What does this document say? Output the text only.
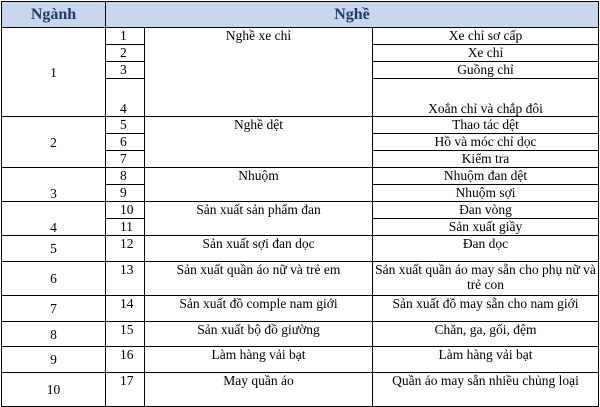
Ngành	Nghề		
1	1	Nghề xe chỉ	Xe chỉ sơ cấp
	2		Xe chỉ
	3		Guồng chỉ
	4		Xoắn chỉ và chắp đôi
2	5	Nghề dệt	Thao tác dệt
	6		Hồ và móc chỉ dọc
	7		Kiểm tra
3	8	Nhuộm	Nhuộm đan dệt
	9		Nhuộm sợi
4	10	Sản xuất sản phẩm đan	Đan vòng
	11		Sản xuất giầy
5	12	Sản xuất sợi đan dọc	Đan dọc
6	13	Sản xuất quần áo nữ và trẻ em	Sản xuất quần áo may sẵn cho phụ nữ và trẻ con
7	14	Sản xuất đồ comple nam giới	Sản xuất đồ may sẵn cho nam giới
8	15	Sản xuất bộ đồ giường	Chăn, ga, gối, đệm
9	16	Làm hàng vải bạt	Làm hàng vải bạt
10	17	May quần áo	Quần áo may sẵn nhiều chủng loại
